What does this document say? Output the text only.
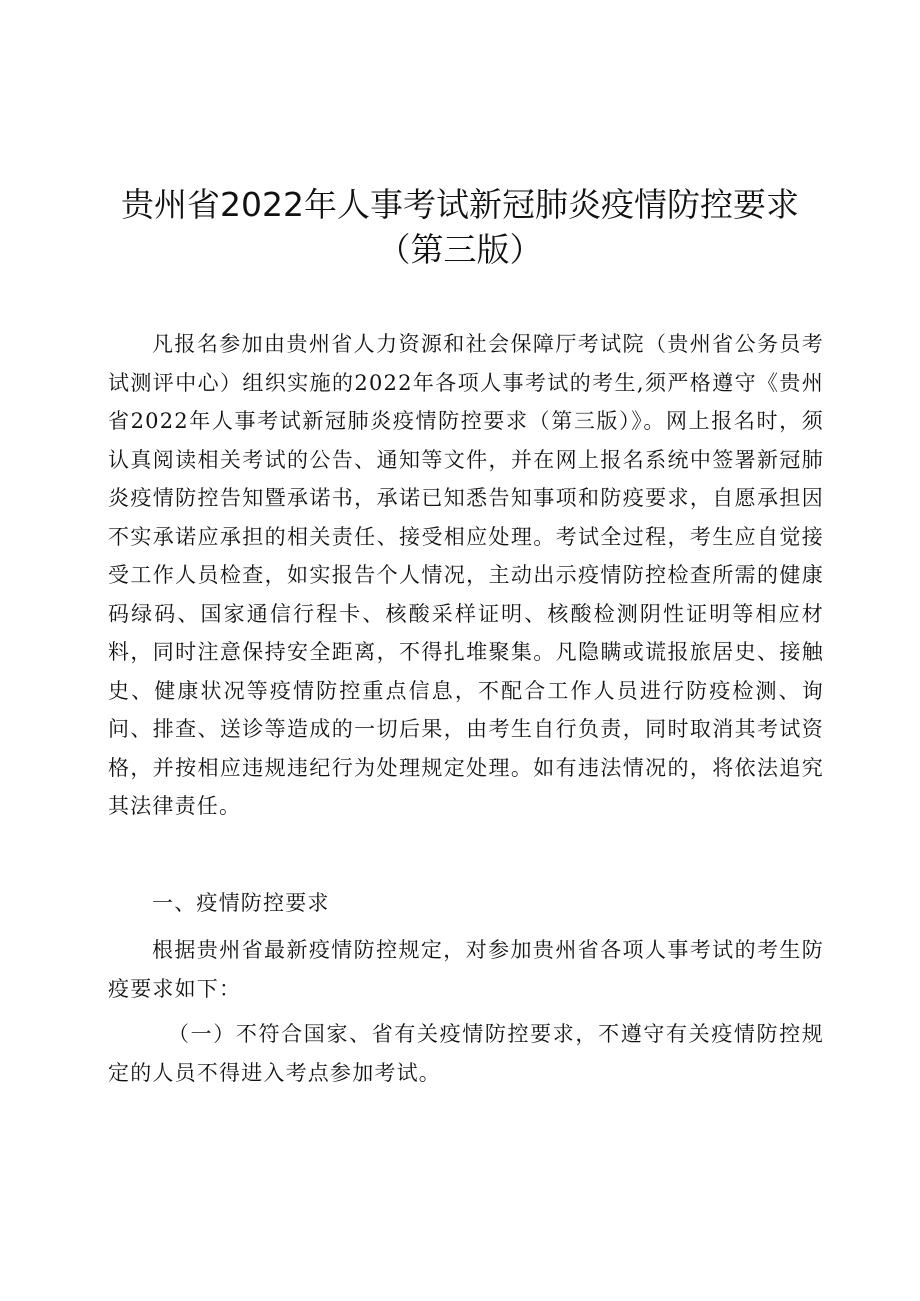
贵州省2022年人事考试新冠肺炎疫情防控要求
（第三版）

凡报名参加由贵州省人力资源和社会保障厅考试院（贵州省公务员考试测评中心）组织实施的2022年各项人事考试的考生,须严格遵守《贵州省2022年人事考试新冠肺炎疫情防控要求（第三版）》。网上报名时，须认真阅读相关考试的公告、通知等文件，并在网上报名系统中签署新冠肺炎疫情防控告知暨承诺书，承诺已知悉告知事项和防疫要求，自愿承担因不实承诺应承担的相关责任、接受相应处理。考试全过程，考生应自觉接受工作人员检查，如实报告个人情况，主动出示疫情防控检查所需的健康码绿码、国家通信行程卡、核酸采样证明、核酸检测阴性证明等相应材料，同时注意保持安全距离，不得扎堆聚集。凡隐瞒或谎报旅居史、接触史、健康状况等疫情防控重点信息，不配合工作人员进行防疫检测、询问、排查、送诊等造成的一切后果，由考生自行负责，同时取消其考试资格，并按相应违规违纪行为处理规定处理。如有违法情况的，将依法追究其法律责任。

一、疫情防控要求

根据贵州省最新疫情防控规定，对参加贵州省各项人事考试的考生防疫要求如下：

（一）不符合国家、省有关疫情防控要求，不遵守有关疫情防控规定的人员不得进入考点参加考试。
